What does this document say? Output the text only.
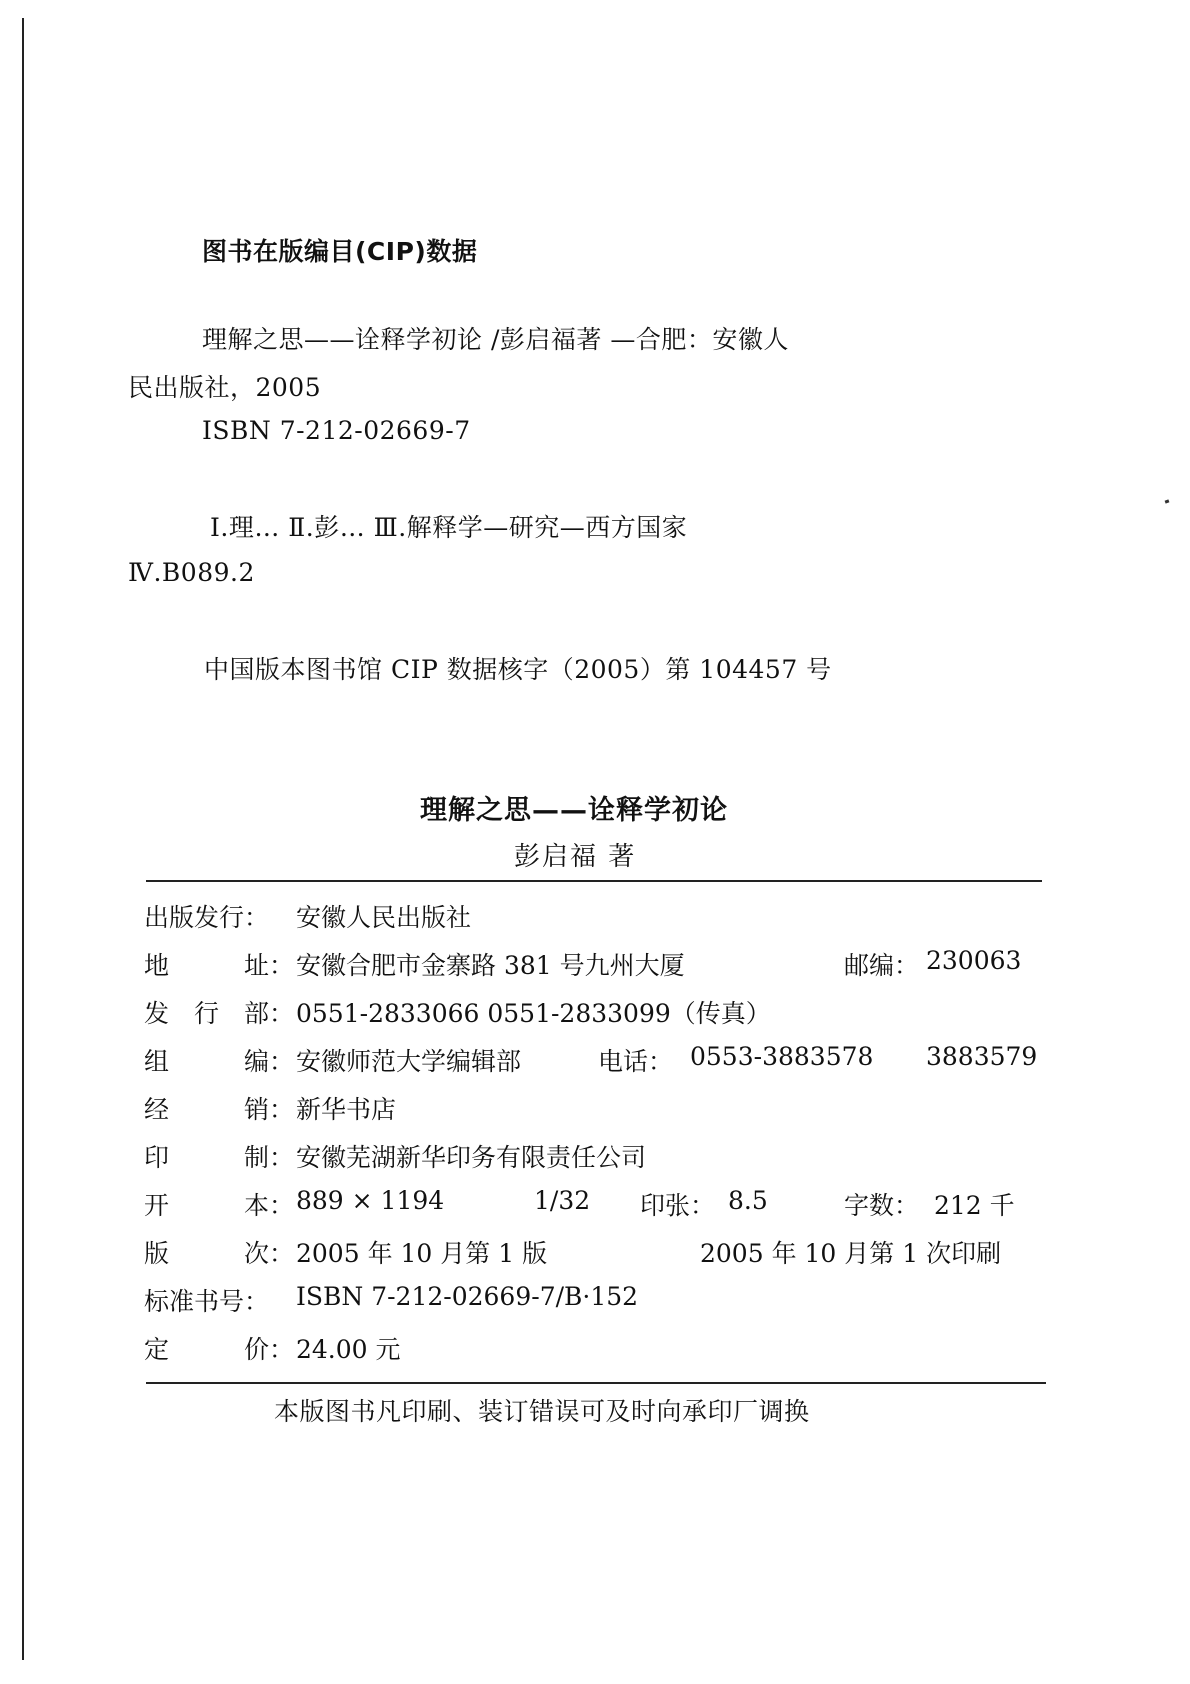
图书在版编目(CIP)数据
理解之思——诠释学初论 /彭启福著 —合肥：安徽人
民出版社，2005
ISBN 7-212-02669-7
Ⅰ.理… Ⅱ.彭… Ⅲ.解释学—研究—西方国家
Ⅳ.B089.2
中国版本图书馆 CIP 数据核字（2005）第 104457 号
理解之思——诠释学初论
彭启福 著
出版发行： 安徽人民出版社
地	址： 安徽合肥市金寨路 381 号九州大厦	邮编： 230063
发 行 部： 0551-2833066 0551-2833099（传真）
组	编： 安徽师范大学编辑部	电话： 0553-3883578 3883579
经	销： 新华书店
印	制： 安徽芜湖新华印务有限责任公司
开	本： 889 × 1194	1/32 印张： 8.5	字数： 212 千
版	次： 2005 年 10 月第 1 版	2005 年 10 月第 1 次印刷
标准书号： ISBN 7-212-02669-7/B·152
定	价： 24.00 元
本版图书凡印刷、装订错误可及时向承印厂调换
